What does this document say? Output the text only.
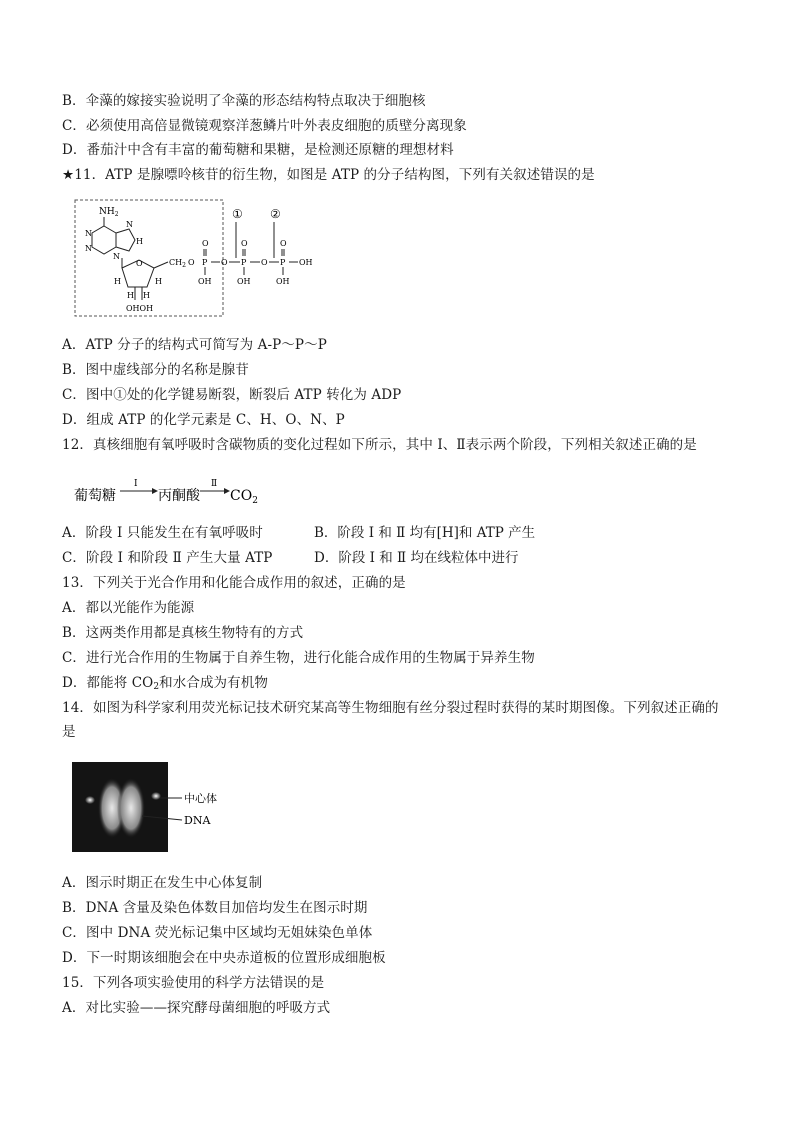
B．伞藻的嫁接实验说明了伞藻的形态结构特点取决于细胞核
C．必须使用高倍显微镜观察洋葱鳞片叶外表皮细胞的质壁分离现象
D．番茄汁中含有丰富的葡萄糖和果糖，是检测还原糖的理想材料
★11．ATP 是腺嘌呤核苷的衍生物，如图是 ATP 的分子结构图，下列有关叙述错误的是
$NH_2$
N
N
N
H
N
O	$CH_2$
H	H
H H
OHOH
O P
O
OH
O P
O
OH
O P
O
OH
OH
① ②
A．ATP 分子的结构式可简写为 A-P～P～P
B．图中虚线部分的名称是腺苷
C．图中①处的化学键易断裂，断裂后 ATP 转化为 ADP
D．组成 ATP 的化学元素是 C、H、O、N、P
12．真核细胞有氧呼吸时含碳物质的变化过程如下所示，其中 Ⅰ、Ⅱ表示两个阶段，下列相关叙述正确的是
葡萄糖
Ⅰ
丙酮酸
Ⅱ
$CO_2$
A．阶段 Ⅰ 只能发生在有氧呼吸时	B．阶段 Ⅰ 和 Ⅱ 均有[H]和 ATP 产生
C．阶段 Ⅰ 和阶段 Ⅱ 产生大量 ATP	D．阶段 Ⅰ 和 Ⅱ 均在线粒体中进行
13．下列关于光合作用和化能合成作用的叙述，正确的是
A．都以光能作为能源
B．这两类作用都是真核生物特有的方式
C．进行光合作用的生物属于自养生物，进行化能合成作用的生物属于异养生物
D．都能将 $CO_2$和水合成为有机物
14．如图为科学家利用荧光标记技术研究某高等生物细胞有丝分裂过程时获得的某时期图像。下列叙述正确的
是
中心体
DNA
A．图示时期正在发生中心体复制
B．DNA 含量及染色体数目加倍均发生在图示时期
C．图中 DNA 荧光标记集中区域均无姐妹染色单体
D．下一时期该细胞会在中央赤道板的位置形成细胞板
15．下列各项实验使用的科学方法错误的是
A．对比实验——探究酵母菌细胞的呼吸方式
